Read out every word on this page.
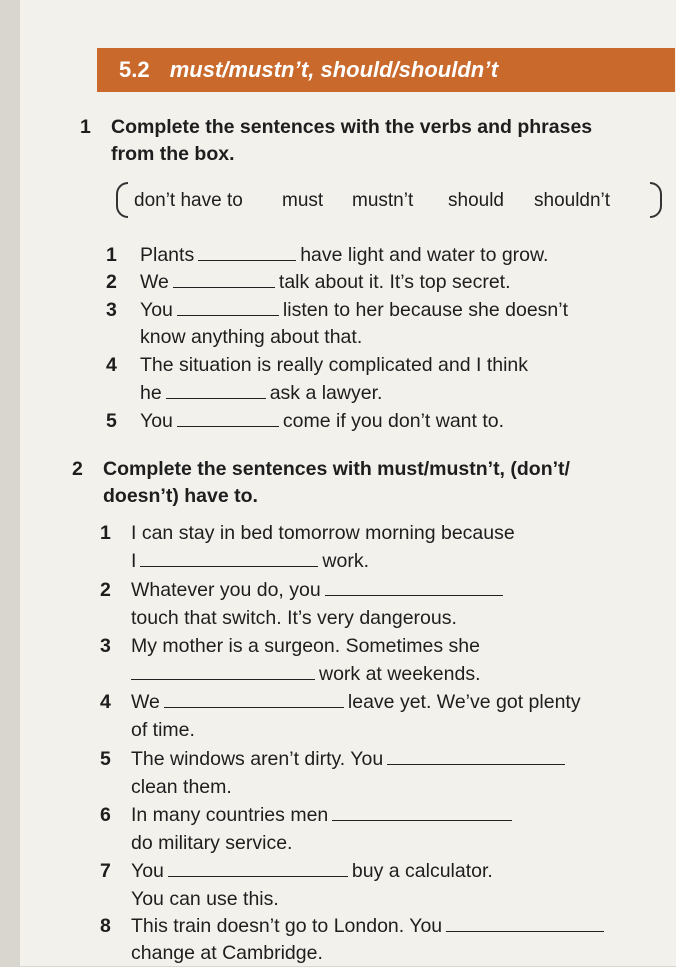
5.2 must/mustn’t, should/shouldn’t
1 Complete the sentences with the verbs and phrases
from the box.
don’t have to must mustn’t should shouldn’t
1 Plants	have light and water to grow.
2 We	talk about it. It’s top secret.
3 You	listen to her because she doesn’t
know anything about that.
4 The situation is really complicated and I think
he	ask a lawyer.
5 You	come if you don’t want to.
2 Complete the sentences with must/mustn’t, (don’t/
doesn’t) have to.
1 I can stay in bed tomorrow morning because
I	work.
2 Whatever you do, you
touch that switch. It’s very dangerous.
3 My mother is a surgeon. Sometimes she
work at weekends.
4 We	leave yet. We’ve got plenty
of time.
5 The windows aren’t dirty. You
clean them.
6 In many countries men
do military service.
7 You	buy a calculator.
You can use this.
8 This train doesn’t go to London. You
change at Cambridge.
